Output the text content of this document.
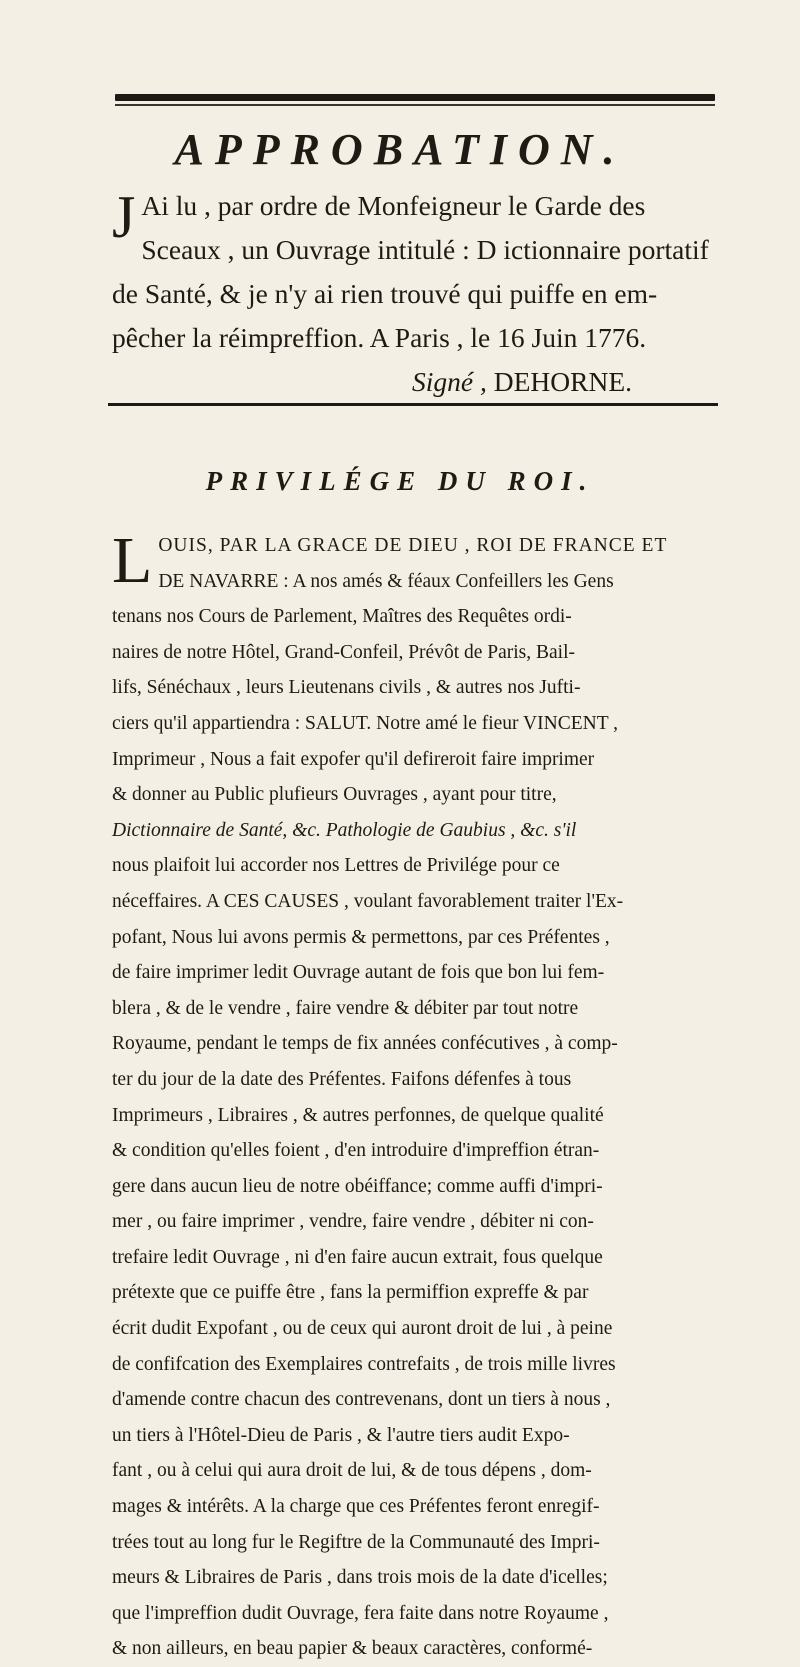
APPROBATION.
J Ai lu , par ordre de Monfeigneur le Garde des
Sceaux , un Ouvrage intitulé : D ictionnaire portatif
de Santé, & je n'y ai rien trouvé qui puiffe en em-
pêcher la réimpreffion. A Paris , le 16 Juin 1776.
Signé , DEHORNE.
PRIVILÉGE DU ROI.
L OUIS, PAR LA GRACE DE DIEU , ROI DE FRANCE ET
DE NAVARRE : A nos amés & féaux Confeillers les Gens
tenans nos Cours de Parlement, Maîtres des Requêtes ordi-
naires de notre Hôtel, Grand-Confeil, Prévôt de Paris, Bail-
lifs, Sénéchaux , leurs Lieutenans civils , & autres nos Jufti-
ciers qu'il appartiendra : SALUT. Notre amé le fieur VINCENT ,
Imprimeur , Nous a fait expofer qu'il defireroit faire imprimer
& donner au Public plufieurs Ouvrages , ayant pour titre,
Dictionnaire de Santé, &c. Pathologie de Gaubius , &c. s'il
nous plaifoit lui accorder nos Lettres de Privilége pour ce
néceffaires. A CES CAUSES , voulant favorablement traiter l'Ex-
pofant, Nous lui avons permis & permettons, par ces Préfentes ,
de faire imprimer ledit Ouvrage autant de fois que bon lui fem-
blera , & de le vendre , faire vendre & débiter par tout notre
Royaume, pendant le temps de fix années confécutives , à comp-
ter du jour de la date des Préfentes. Faifons défenfes à tous
Imprimeurs , Libraires , & autres perfonnes, de quelque qualité
& condition qu'elles foient , d'en introduire d'impreffion étran-
gere dans aucun lieu de notre obéiffance; comme auffi d'impri-
mer , ou faire imprimer , vendre, faire vendre , débiter ni con-
trefaire ledit Ouvrage , ni d'en faire aucun extrait, fous quelque
prétexte que ce puiffe être , fans la permiffion expreffe & par
écrit dudit Expofant , ou de ceux qui auront droit de lui , à peine
de confifcation des Exemplaires contrefaits , de trois mille livres
d'amende contre chacun des contrevenans, dont un tiers à nous ,
un tiers à l'Hôtel-Dieu de Paris , & l'autre tiers audit Expo-
fant , ou à celui qui aura droit de lui, & de tous dépens , dom-
mages & intérêts. A la charge que ces Préfentes feront enregif-
trées tout au long fur le Regiftre de la Communauté des Impri-
meurs & Libraires de Paris , dans trois mois de la date d'icelles;
que l'impreffion dudit Ouvrage, fera faite dans notre Royaume ,
& non ailleurs, en beau papier & beaux caractères, conformé-
